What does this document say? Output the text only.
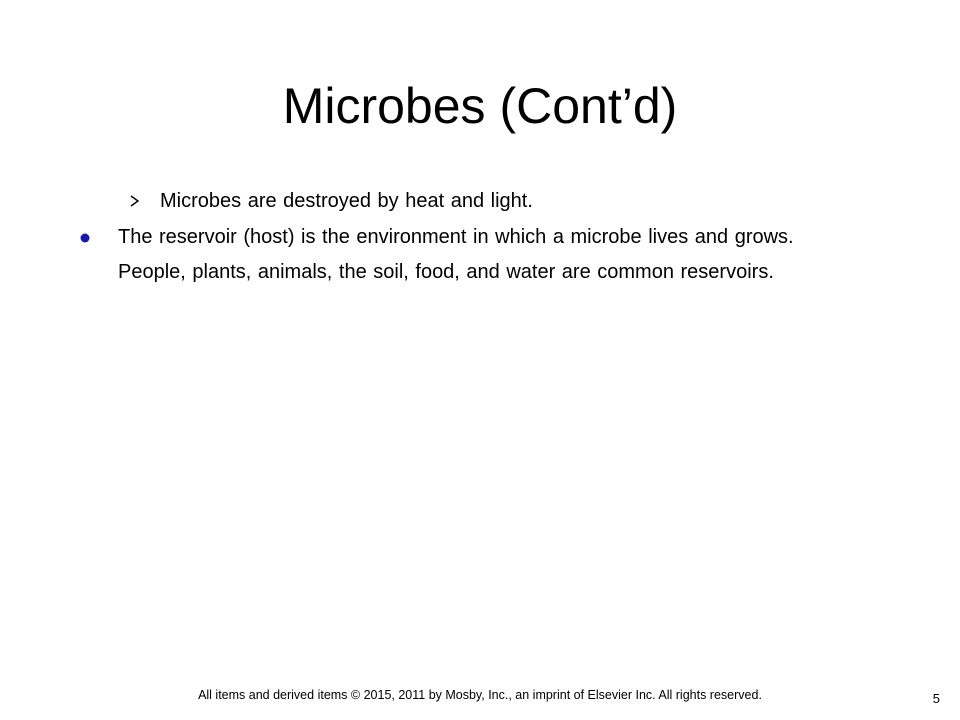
Microbes (Cont’d)
Microbes are destroyed by heat and light.
The reservoir (host) is the environment in which a microbe lives and grows. People, plants, animals, the soil, food, and water are common reservoirs.
All items and derived items © 2015, 2011 by Mosby, Inc., an imprint of Elsevier Inc. All rights reserved.	5
